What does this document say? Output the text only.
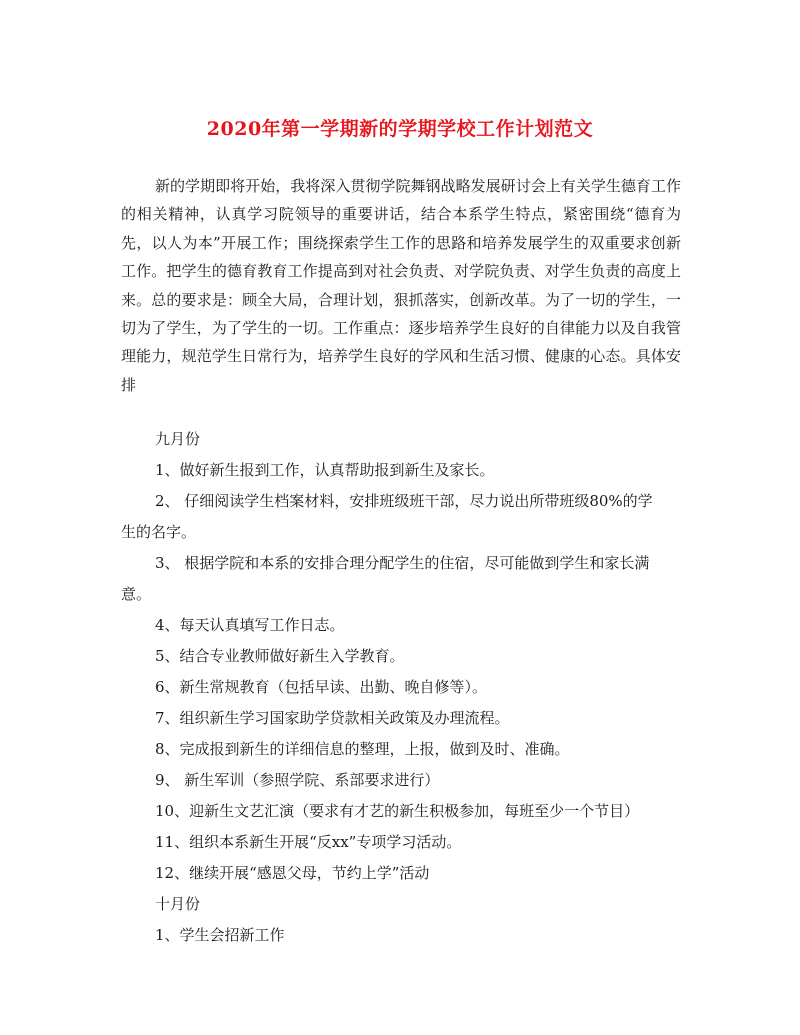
2020年第一学期新的学期学校工作计划范文
新的学期即将开始，我将深入贯彻学院舞钢战略发展研讨会上有关学生德育工作的相关精神，认真学习院领导的重要讲话，结合本系学生特点，紧密围绕“德育为先，以人为本”开展工作；围绕探索学生工作的思路和培养发展学生的双重要求创新工作。把学生的德育教育工作提高到对社会负责、对学院负责、对学生负责的高度上来。总的要求是：顾全大局，合理计划，狠抓落实，创新改革。为了一切的学生，一切为了学生，为了学生的一切。工作重点：逐步培养学生良好的自律能力以及自我管理能力，规范学生日常行为，培养学生良好的学风和生活习惯、健康的心态。具体安排
九月份
1、做好新生报到工作，认真帮助报到新生及家长。
2、 仔细阅读学生档案材料，安排班级班干部，尽力说出所带班级80%的学
生的名字。
3、 根据学院和本系的安排合理分配学生的住宿，尽可能做到学生和家长满
意。
4、每天认真填写工作日志。
5、结合专业教师做好新生入学教育。
6、新生常规教育（包括早读、出勤、晚自修等）。
7、组织新生学习国家助学贷款相关政策及办理流程。
8、完成报到新生的详细信息的整理，上报，做到及时、准确。
9、 新生军训（参照学院、系部要求进行）
10、迎新生文艺汇演（要求有才艺的新生积极参加，每班至少一个节目）
11、组织本系新生开展“反xx”专项学习活动。
12、继续开展“感恩父母，节约上学”活动
十月份
1、学生会招新工作
